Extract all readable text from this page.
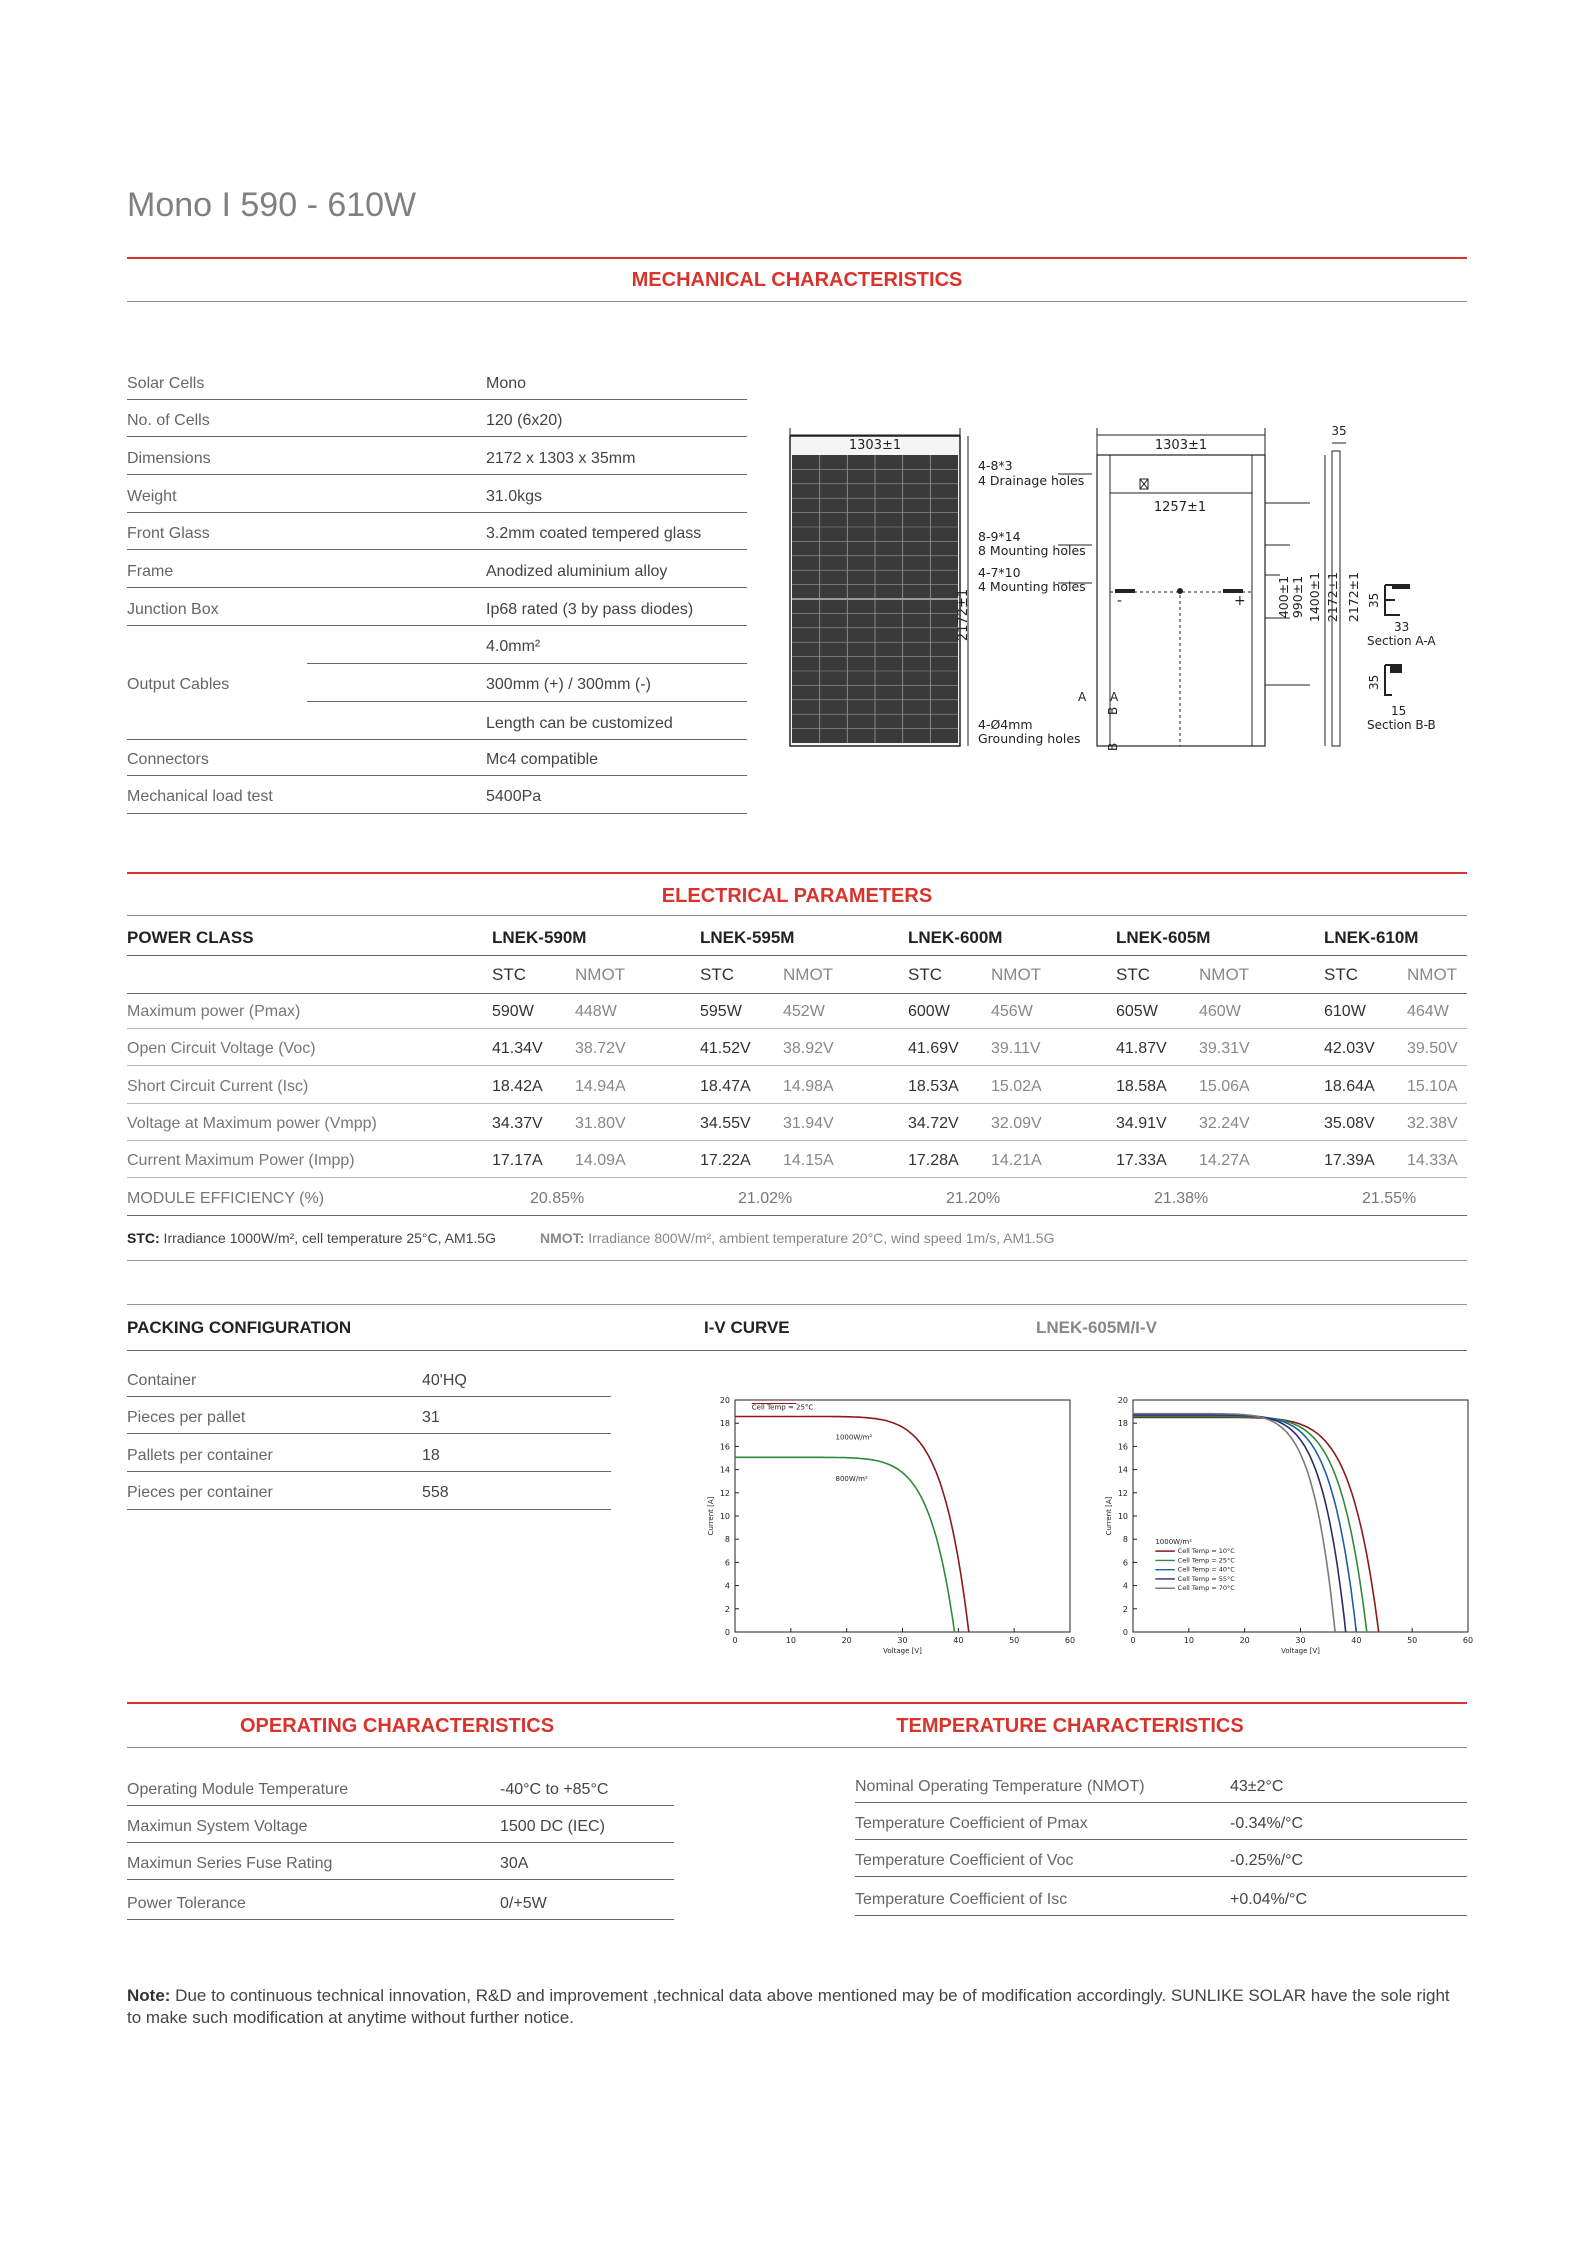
Mono I 590 - 610W
MECHANICAL CHARACTERISTICS
Solar Cells	Mono
No. of Cells	120 (6x20)
Dimensions	2172 x 1303 x 35mm
Weight	31.0kgs
Front Glass	3.2mm coated tempered glass
Frame	Anodized aluminium alloy
Junction Box	Ip68 rated (3 by pass diodes)
4.0mm²
Output Cables	300mm (+) / 300mm (-)
Length can be customized
Connectors	Mc4 compatible
Mechanical load test	5400Pa
1303±1
2172±1
4-8*3
4 Drainage holes
8-9*14
8 Mounting holes
4-7*10
4 Mounting holes
4-Ø4mm
Grounding holes
1303±1
1257±1
-	+
A A
B
B
400±1 990±1 1400±1 2172±1
35
2172±1 35
33
Section A-A
35
15
Section B-B
ELECTRICAL PARAMETERS
POWER CLASS	LNEK-590M	LNEK-595M	LNEK-600M	LNEK-605M	LNEK-610M
STC	NMOT	STC	NMOT	STC	NMOT	STC	NMOT	STC	NMOT
Maximum power (Pmax)	590W	448W	595W	452W	600W	456W	605W	460W	610W	464W
Open Circuit Voltage (Voc)	41.34V 38.72V	41.52V 38.92V	41.69V 39.11V	41.87V 39.31V	42.03V 39.50V
Short Circuit Current (Isc)	18.42A 14.94A	18.47A 14.98A	18.53A 15.02A	18.58A 15.06A	18.64A 15.10A
Voltage at Maximum power (Vmpp)	34.37V 31.80V	34.55V 31.94V	34.72V 32.09V	34.91V 32.24V	35.08V 32.38V
Current Maximum Power (Impp)	17.17A 14.09A	17.22A 14.15A	17.28A 14.21A	17.33A 14.27A	17.39A 14.33A
MODULE EFFICIENCY (%)	20.85%	21.02%	21.20%	21.38%	21.55%
STC: Irradiance 1000W/m², cell temperature 25°C, AM1.5G	NMOT: Irradiance 800W/m², ambient temperature 20°C, wind speed 1m/s, AM1.5G
PACKING CONFIGURATION	I-V CURVE	LNEK-605M/I-V
Container	40'HQ
Pieces per pallet	31
Pallets per container	18
Pieces per container	558
0
2
4
6
8
10
12
14
16
18
20
0	10	20	30	40	50	60
Voltage [V]
Current [A]
Cell Temp = 25°C
1000W/m²
800W/m²
0
2
4
6
8
10
12
14
16
18
20
0	10	20	30	40	50	60
Voltage [V]
Current [A]
1000W/m²
Cell Temp = 10°C
Cell Temp = 25°C
Cell Temp = 40°C
Cell Temp = 55°C
Cell Temp = 70°C
OPERATING CHARACTERISTICS	TEMPERATURE CHARACTERISTICS
Operating Module Temperature	-40°C to +85°C
Maximun System Voltage	1500 DC (IEC)
Maximun Series Fuse Rating	30A
Power Tolerance	0/+5W
Nominal Operating Temperature (NMOT)	43±2°C
Temperature Coefficient of Pmax	-0.34%/°C
Temperature Coefficient of Voc	-0.25%/°C
Temperature Coefficient of Isc	+0.04%/°C
Note: Due to continuous technical innovation, R&D and improvement ,technical data above mentioned may be of modification accordingly. SUNLIKE SOLAR have the sole right to make such modification at anytime without further notice.
